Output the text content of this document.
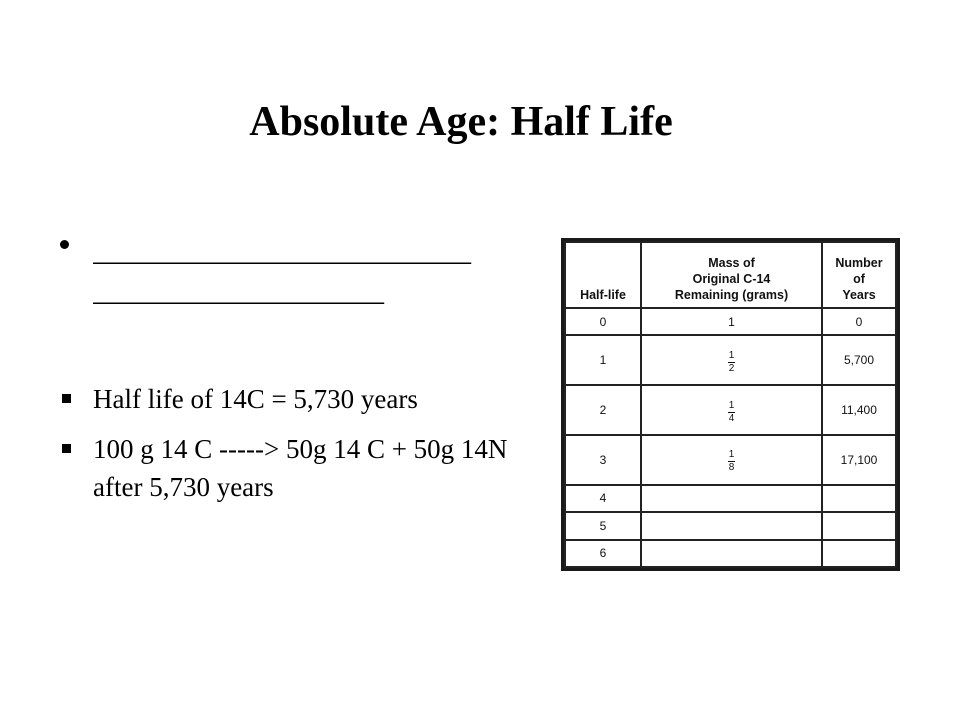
Absolute Age: Half Life
__________________________
____________________
Half life of 14C = 5,730 years
100 g 14 C -----> 50g 14 C + 50g 14N after 5,730 years
Half-life	Mass of
Original C-14
Remaining (grams)	Number
of
Years

0	1	0
1	$\frac{1}{2}$	5,700
2	$\frac{1}{4}$	11,400
3	$\frac{1}{8}$	17,100
4		
5		
6		
